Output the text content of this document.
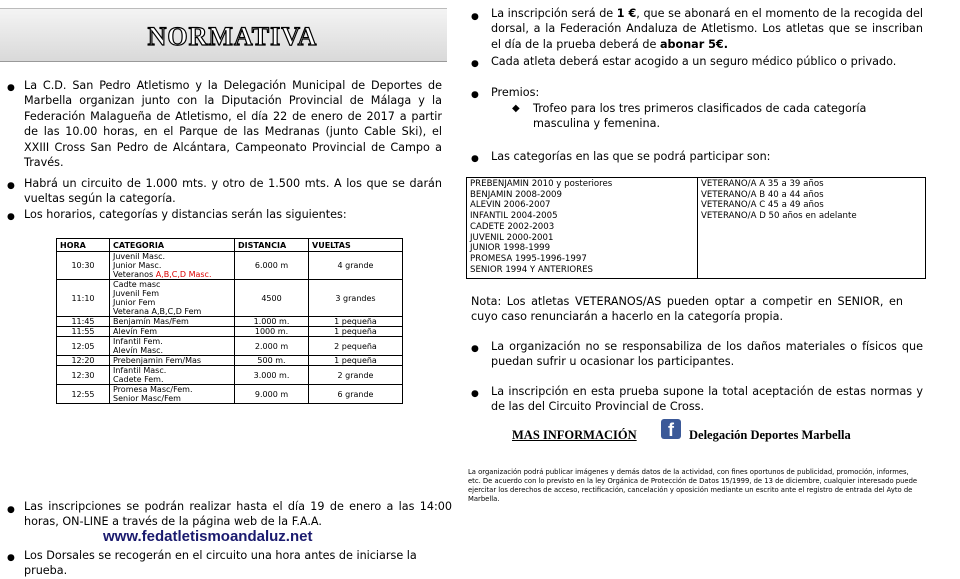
NORMATIVA
● La C.D. San Pedro Atletismo y la Delegación Municipal de Deportes de Marbella organizan junto con la Diputación Provincial de Málaga y la Federación Malagueña de Atletismo, el día 22 de enero de 2017 a partir de las 10.00 horas, en el Parque de las Medranas (junto Cable Ski), el XXIII Cross San Pedro de Alcántara, Campeonato Provincial de Campo a Través.
● Habrá un circuito de 1.000 mts. y otro de 1.500 mts. A los que se darán vueltas según la categoría.
● Los horarios, categorías y distancias serán las siguientes:
HORA	CATEGORIA	DISTANCIA	VUELTAS
10:30	Juvenil Masc.
Junior Masc.
Veteranos A,B,C,D Masc.	6.000 m	4 grande
11:10	Cadte masc
Juvenil Fem
Junior Fem
Veterana A,B,C,D Fem	4500	3 grandes
11:45	Benjamín Mas/Fem	1.000 m.	1 pequeña
11:55	Alevín Fem	1000 m.	1 pequeña
12:05	Infantil Fem.
Alevín Masc.	2.000 m	2 pequeña
12:20	Prebenjamin Fem/Mas	500 m.	1 pequeña
12:30	Infantil Masc.
Cadete Fem.	3.000 m.	2 grande
12:55	Promesa Masc/Fem.
Senior Masc/Fem	9.000 m	6 grande
● Las inscripciones se podrán realizar hasta el día 19 de enero a las 14:00 horas, ON-LINE a través de la página web de la F.A.A.
www.fedatletismoandaluz.net
● Los Dorsales se recogerán en el circuito una hora antes de iniciarse la prueba.
● La inscripción será de 1 €, que se abonará en el momento de la recogida del dorsal, a la Federación Andaluza de Atletismo. Los atletas que se inscriban el día de la prueba deberá de abonar 5€.
● Cada atleta deberá estar acogido a un seguro médico público o privado.
● Premios:
◆ Trofeo para los tres primeros clasificados de cada categoría masculina y femenina.
● Las categorías en las que se podrá participar son:
PREBENJAMIN 2010 y posteriores
BENJAMIN 2008-2009
ALEVIN 2006-2007
INFANTIL 2004-2005
CADETE 2002-2003
JUVENIL 2000-2001
JUNIOR 1998-1999
PROMESA 1995-1996-1997
SENIOR 1994 Y ANTERIORES
VETERANO/A A 35 a 39 años
VETERANO/A B 40 a 44 años
VETERANO/A C 45 a 49 años
VETERANO/A D 50 años en adelante
Nota: Los atletas VETERANOS/AS pueden optar a competir en SENIOR, en cuyo caso renunciarán a hacerlo en la categoría propia.
● La organización no se responsabiliza de los daños materiales o físicos que puedan sufrir u ocasionar los participantes.
● La inscripción en esta prueba supone la total aceptación de estas normas y de las del Circuito Provincial de Cross.
MAS INFORMACIÓN	f	Delegación Deportes Marbella
La organización podrá publicar imágenes y demás datos de la actividad, con fines oportunos de publicidad, promoción, informes, etc. De acuerdo con lo previsto en la ley Orgánica de Protección de Datos 15/1999, de 13 de diciembre, cualquier interesado puede ejercitar los derechos de acceso, rectificación, cancelación y oposición mediante un escrito ante el registro de entrada del Ayto de Marbella.
